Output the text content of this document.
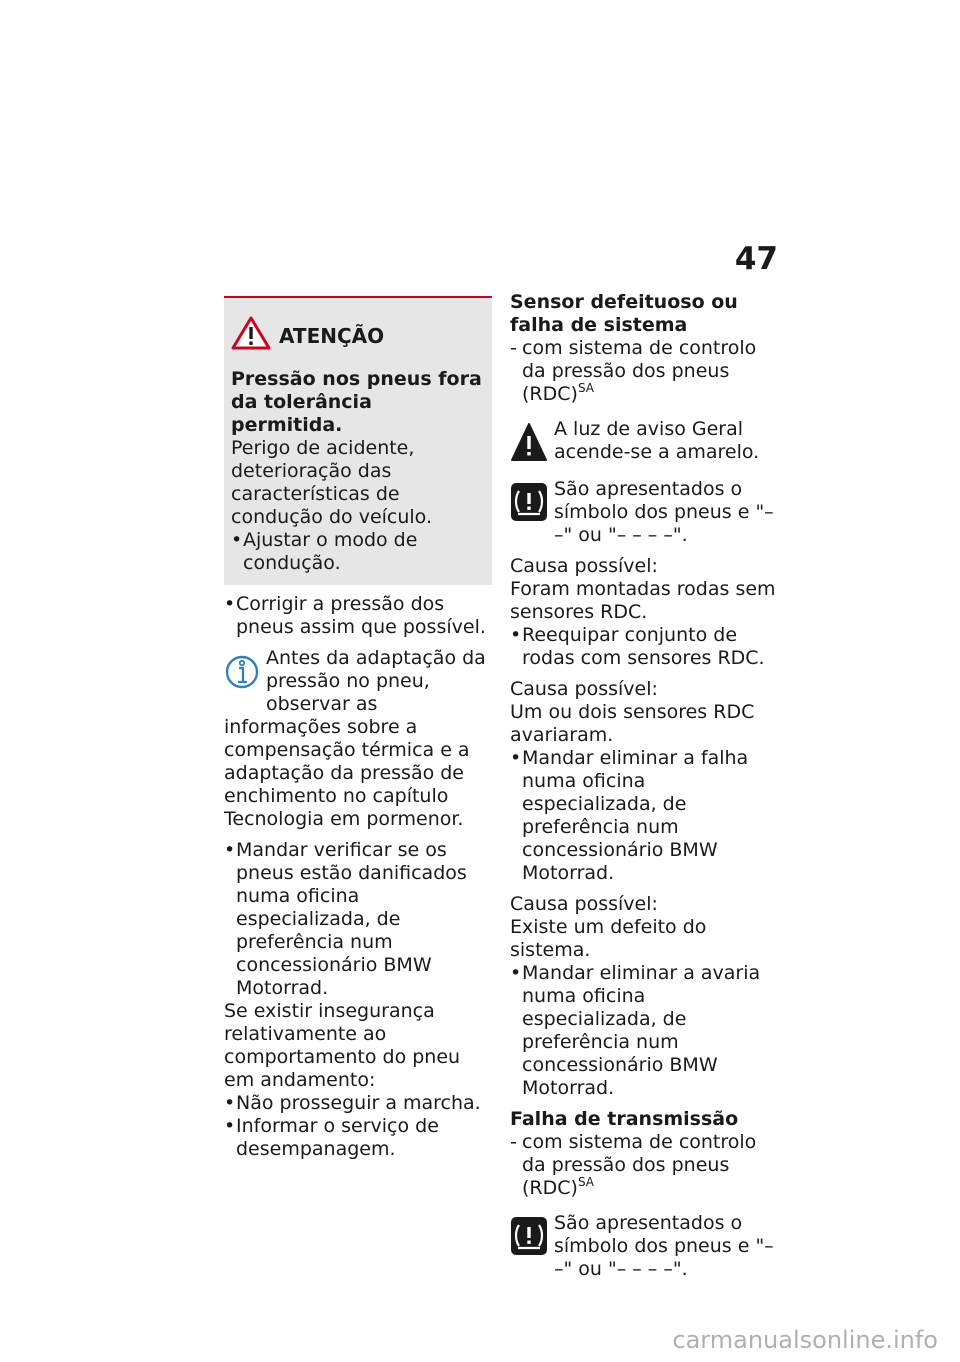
47
ATENÇÃO

Pressão nos pneus fora da tolerância permitida.

Perigo de acidente, deterioração das características de condução do veículo.

• Ajustar o modo de condução.

• Corrigir a pressão dos pneus assim que possível.

Antes da adaptação da pressão no pneu, observar as informações sobre a compensação térmica e a adaptação da pressão de enchimento no capítulo Tecnologia em pormenor.

• Mandar verificar se os pneus estão danificados numa oficina especializada, de preferência num concessionário BMW Motorrad.

Se existir insegurança relativamente ao comportamento do pneu em andamento:

• Não prosseguir a marcha.

• Informar o serviço de desempanagem.

Sensor defeituoso ou falha de sistema

- com sistema de controlo da pressão dos pneus (RDC)$^{SA}$

A luz de aviso Geral acende-se a amarelo.
São apresentados o símbolo dos pneus e "– –" ou "– – – –".

Causa possível:

Foram montadas rodas sem sensores RDC.

• Reequipar conjunto de rodas com sensores RDC.

Causa possível:

Um ou dois sensores RDC avariaram.

• Mandar eliminar a falha numa oficina especializada, de preferência num concessionário BMW Motorrad.

Causa possível:

Existe um defeito do sistema.

• Mandar eliminar a avaria numa oficina especializada, de preferência num concessionário BMW Motorrad.

Falha de transmissão

- com sistema de controlo da pressão dos pneus (RDC)$^{SA}$

São apresentados o símbolo dos pneus e "– –" ou "– – – –".
carmanualsonline.info
